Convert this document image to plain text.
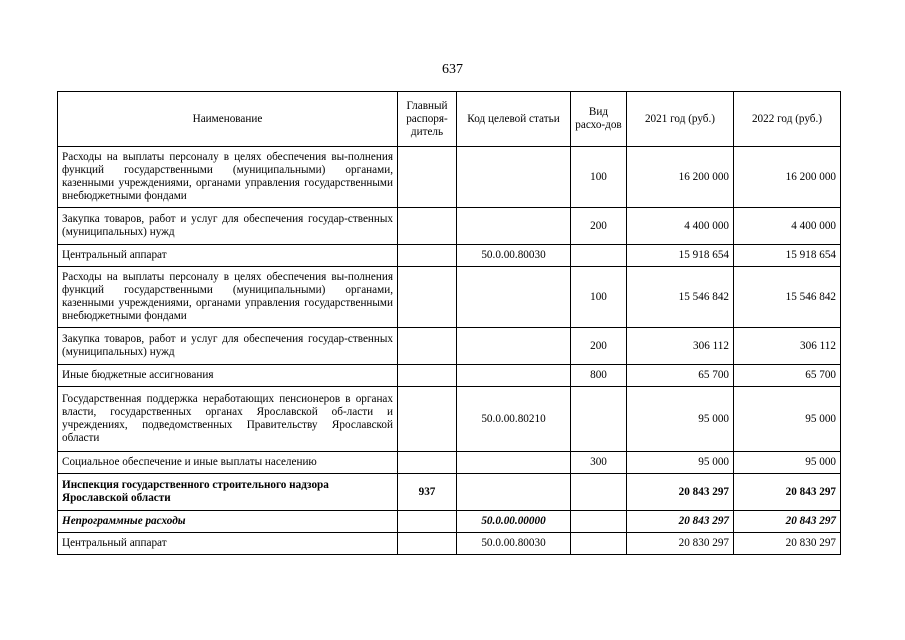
637
Наименование	Главный распоря-дитель	Код целевой статьи	Вид расхо-дов	2021 год (руб.)	2022 год (руб.)
Расходы на выплаты персоналу в целях обеспечения вы-полнения функций государственными (муниципальными) органами, казенными учреждениями, органами управления государственными внебюджетными фондами			100	16 200 000	16 200 000
Закупка товаров, работ и услуг для обеспечения государ-ственных (муниципальных) нужд			200	4 400 000	4 400 000
Центральный аппарат		50.0.00.80030		15 918 654	15 918 654
Расходы на выплаты персоналу в целях обеспечения вы-полнения функций государственными (муниципальными) органами, казенными учреждениями, органами управления государственными внебюджетными фондами			100	15 546 842	15 546 842
Закупка товаров, работ и услуг для обеспечения государ-ственных (муниципальных) нужд			200	306 112	306 112
Иные бюджетные ассигнования			800	65 700	65 700
Государственная поддержка неработающих пенсионеров в органах власти, государственных органах Ярославской об-ласти и учреждениях, подведомственных Правительству Ярославской области		50.0.00.80210		95 000	95 000
Социальное обеспечение и иные выплаты населению			300	95 000	95 000
Инспекция государственного строительного надзора Ярославской области	937			20 843 297	20 843 297
Непрограммные расходы		50.0.00.00000		20 843 297	20 843 297
Центральный аппарат		50.0.00.80030		20 830 297	20 830 297
